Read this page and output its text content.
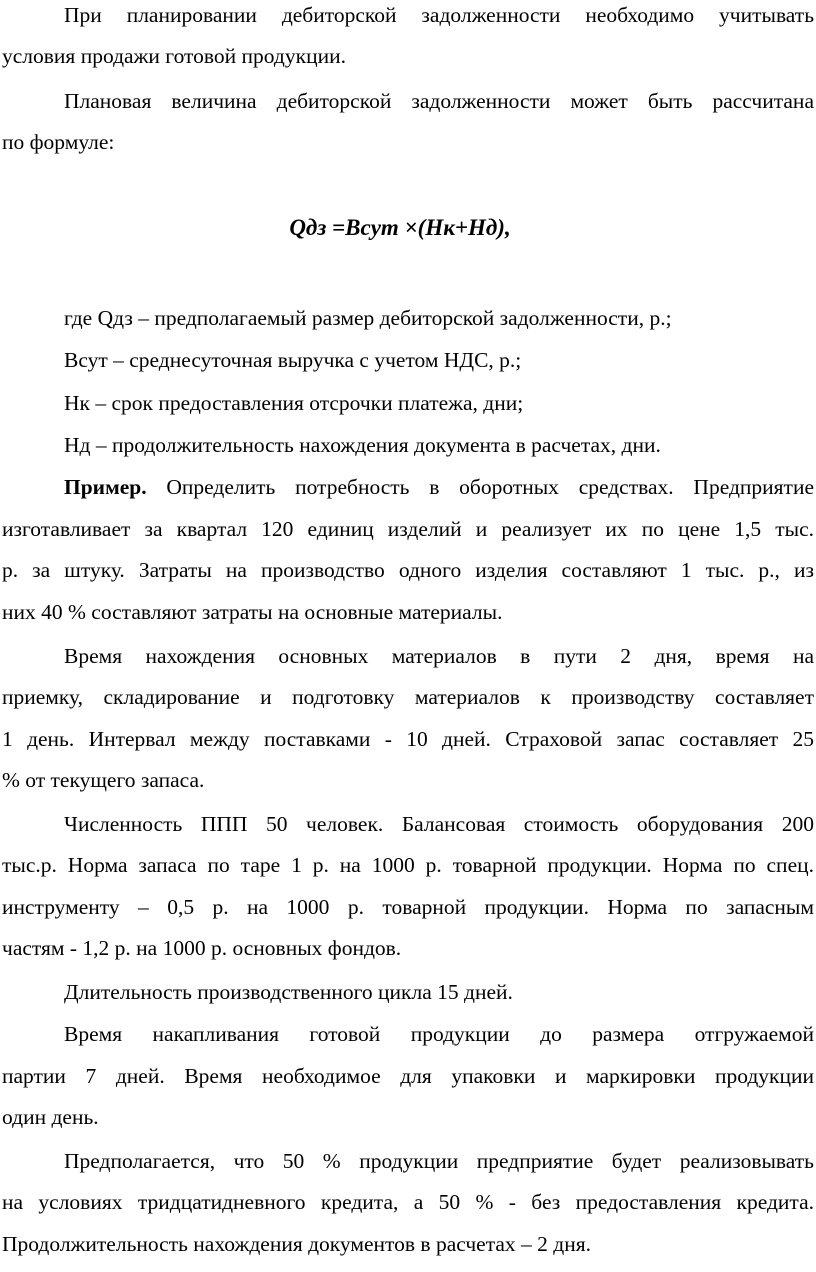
При планировании дебиторской задолженности необходимо учитывать
условия продажи готовой продукции.
Плановая величина дебиторской задолженности может быть рассчитана
по формуле:
Qдз =Вcут ×(Нк+Нд),
где Qдз – предполагаемый размер дебиторской задолженности, р.;
Всут – среднесуточная выручка с учетом НДС, р.;
Нк – срок предоставления отсрочки платежа, дни;
Нд – продолжительность нахождения документа в расчетах, дни.
Пример. Определить потребность в оборотных средствах. Предприятие
изготавливает за квартал 120 единиц изделий и реализует их по цене 1,5 тыс.
р. за штуку. Затраты на производство одного изделия составляют 1 тыс. р., из
них 40 % составляют затраты на основные материалы.
Время нахождения основных материалов в пути 2 дня, время на
приемку, складирование и подготовку материалов к производству составляет
1 день. Интервал между поставками - 10 дней. Страховой запас составляет 25
% от текущего запаса.
Численность ППП 50 человек. Балансовая стоимость оборудования 200
тыс.р. Норма запаса по таре 1 р. на 1000 р. товарной продукции. Норма по спец.
инструменту – 0,5 р. на 1000 р. товарной продукции. Норма по запасным
частям - 1,2 р. на 1000 р. основных фондов.
Длительность производственного цикла 15 дней.
Время накапливания готовой продукции до размера отгружаемой
партии 7 дней. Время необходимое для упаковки и маркировки продукции
один день.
Предполагается, что 50 % продукции предприятие будет реализовывать
на условиях тридцатидневного кредита, а 50 % - без предоставления кредита.
Продолжительность нахождения документов в расчетах – 2 дня.
